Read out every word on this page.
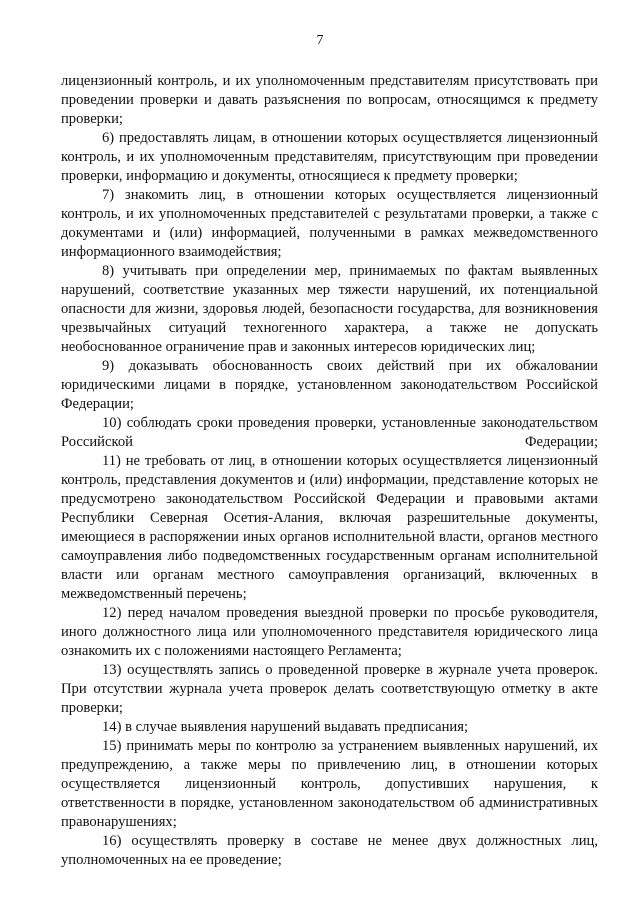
7

лицензионный контроль, и их уполномоченным представителям присутствовать при проведении проверки и давать разъяснения по вопросам, относящимся к предмету проверки;

6) предоставлять лицам, в отношении которых осуществляется лицензионный контроль, и их уполномоченным представителям, присутствующим при проведении проверки, информацию и документы, относящиеся к предмету проверки;

7) знакомить лиц, в отношении которых осуществляется лицензионный контроль, и их уполномоченных представителей с результатами проверки, а также с документами и (или) информацией, полученными в рамках межведомственного информационного взаимодействия;

8) учитывать при определении мер, принимаемых по фактам выявленных нарушений, соответствие указанных мер тяжести нарушений, их потенциальной опасности для жизни, здоровья людей, безопасности государства, для возникновения чрезвычайных ситуаций техногенного характера, а также не допускать необоснованное ограничение прав и законных интересов юридических лиц;

9) доказывать обоснованность своих действий при их обжаловании юридическими лицами в порядке, установленном законодательством Российской Федерации;

10) соблюдать сроки проведения проверки, установленные законодательством Российской Федерации;

11) не требовать от лиц, в отношении которых осуществляется лицензионный контроль, представления документов и (или) информации, представление которых не предусмотрено законодательством Российской Федерации и правовыми актами Республики Северная Осетия-Алания, включая разрешительные документы, имеющиеся в распоряжении иных органов исполнительной власти, органов местного самоуправления либо подведомственных государственным органам исполнительной власти или органам местного самоуправления организаций, включенных в межведомственный перечень;

12) перед началом проведения выездной проверки по просьбе руководителя, иного должностного лица или уполномоченного представителя юридического лица ознакомить их с положениями настоящего Регламента;

13) осуществлять запись о проведенной проверке в журнале учета проверок. При отсутствии журнала учета проверок делать соответствующую отметку в акте проверки;

14) в случае выявления нарушений выдавать предписания;

15) принимать меры по контролю за устранением выявленных нарушений, их предупреждению, а также меры по привлечению лиц, в отношении которых осуществляется лицензионный контроль, допустивших нарушения, к ответственности в порядке, установленном законодательством об административных правонарушениях;

16) осуществлять проверку в составе не менее двух должностных лиц, уполномоченных на ее проведение;
